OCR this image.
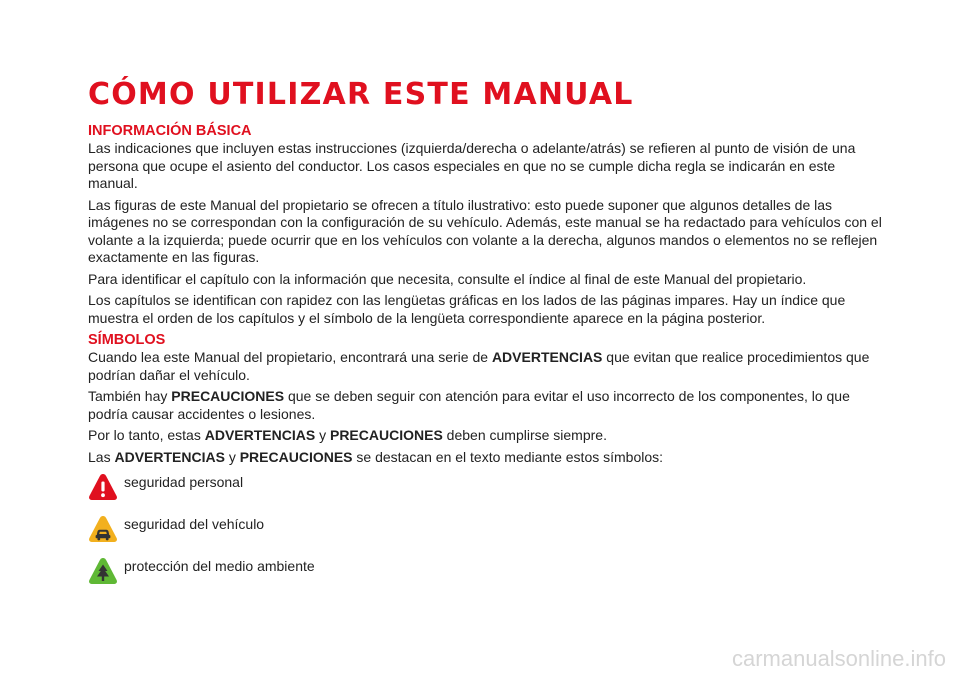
CÓMO UTILIZAR ESTE MANUAL
INFORMACIÓN BÁSICA

Las indicaciones que incluyen estas instrucciones (izquierda/derecha o adelante/atrás) se refieren al punto de visión de una persona que ocupe el asiento del conductor. Los casos especiales en que no se cumple dicha regla se indicarán en este manual.

Las figuras de este Manual del propietario se ofrecen a título ilustrativo: esto puede suponer que algunos detalles de las imágenes no se correspondan con la configuración de su vehículo. Además, este manual se ha redactado para vehículos con el volante a la izquierda; puede ocurrir que en los vehículos con volante a la derecha, algunos mandos o elementos no se reflejen exactamente en las figuras.

Para identificar el capítulo con la información que necesita, consulte el índice al final de este Manual del propietario.

Los capítulos se identifican con rapidez con las lengüetas gráficas en los lados de las páginas impares. Hay un índice que muestra el orden de los capítulos y el símbolo de la lengüeta correspondiente aparece en la página posterior.

SÍMBOLOS

Cuando lea este Manual del propietario, encontrará una serie de ADVERTENCIAS que evitan que realice procedimientos que podrían dañar el vehículo.

También hay PRECAUCIONES que se deben seguir con atención para evitar el uso incorrecto de los componentes, lo que podría causar accidentes o lesiones.

Por lo tanto, estas ADVERTENCIAS y PRECAUCIONES deben cumplirse siempre.

Las ADVERTENCIAS y PRECAUCIONES se destacan en el texto mediante estos símbolos:

seguridad personal
seguridad del vehículo
protección del medio ambiente
carmanualsonline.info
